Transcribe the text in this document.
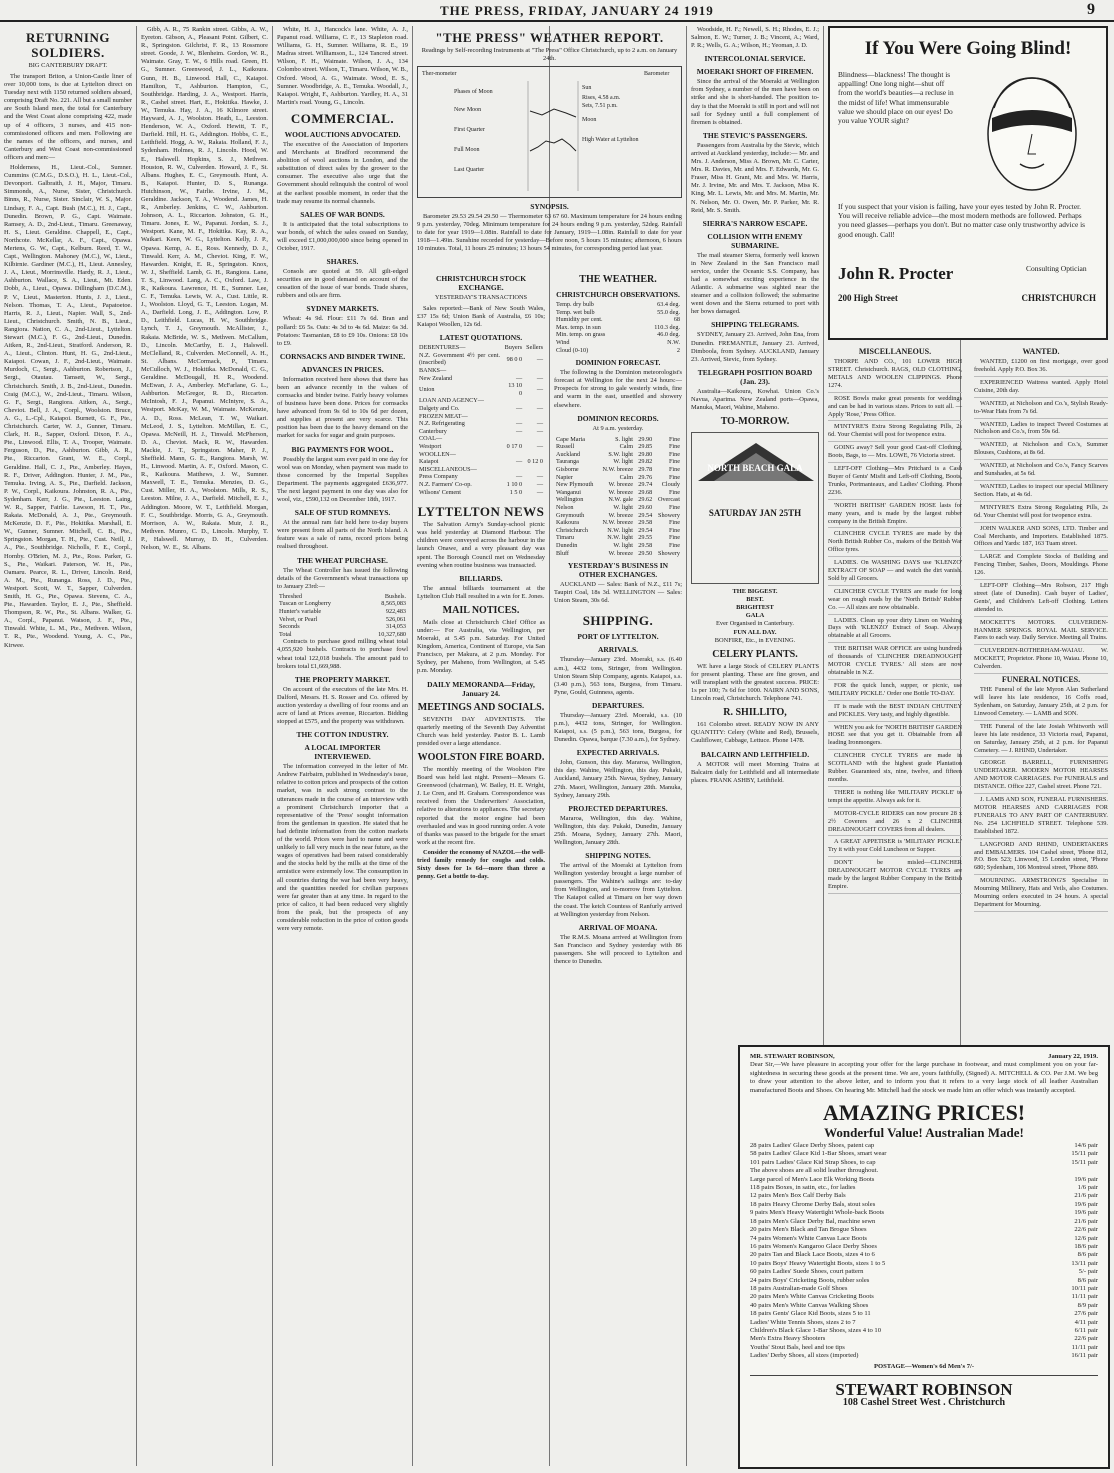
THE PRESS, FRIDAY, JANUARY 24 1919	9
RETURNING SOLDIERS.
BIG CANTERBURY DRAFT.

The transport Briton, a Union-Castle liner of over 10,000 tons, is due at Lyttelton direct on Tuesday next with 1150 returned soldiers aboard, comprising Draft No. 221. All but a small number are South Island men, the total for Canterbury and the West Coast alone comprising 422, made up of 4 officers, 3 nurses, and 415 non-commissioned officers and men. Following are the names of the officers, and nurses, and Canterbury and West Coast non-commissioned officers and men:—

Holderness, H., Lieut.-Col., Sumner. Cummins (C.M.G., D.S.O.), H. L., Lieut.-Col., Devonport. Galbraith, J. H., Major, Timaru. Simmonds, A., Nurse, Sister, Christchurch. Binns, R., Nurse, Sister. Sinclair, W. S., Major. Lindsay, F. A., Capt. Bush (M.C.), H. J., Capt., Dunedin. Brown, P. G., Capt. Waimate. Ramsey, A. D., 2nd-Lieut., Timaru. Greenaway, H. S., Lieut. Geraldine. Chappell, E., Capt., Northcote. McKellar, A. F., Capt., Opawa. Mertens, G. W., Capt., Kelburn. Reed, T. W., Capt., Wellington. Mahoney (M.C.), W., Lieut., Kilbirnie. Gardiner (M.C.), H., Lieut. Annesley, J. A., Lieut., Morrinsville. Hardy, R. J., Lieut., Ashburton. Wallace, S. A., Lieut., Mt. Eden. Dobb, A., Lieut., Opawa. Dillingham (D.C.M.), P. V., Lieut., Masterton. Hunts, J. J., Lieut., Nelson. Thomas, T. A., Lieut., Papatoetoe. Harris, R. J., Lieut., Napier. Wall, S., 2nd-Lieut., Christchurch. Smith, N. B., Lieut., Rangiora. Nation, C. A., 2nd-Lieut., Lyttelton. Stewart (M.C.), F. G., 2nd-Lieut., Dunedin. Aitken, R., 2nd-Lieut., Stratford. Anderson, R. A., Lieut., Clinton. Hunt, H. G., 2nd-Lieut., Kaiapoi. Cowan, J. F., 2nd-Lieut., Waimate. Murdoch, C., Sergt., Ashburton. Robertson, J., Sergt., Otautau. Tamsett, W., Sergt., Christchurch. Smith, J. B., 2nd-Lieut., Dunedin. Craig (M.C.), W., 2nd-Lieut., Timaru. Wilson, G. F., Sergt., Rangiora. Aitken, A., Sergt., Cheviot. Bell, J. A., Corpl., Woolston. Bruce, A. G., L.-Cpl., Kaiapoi. Burnett, G. F., Pte., Christchurch. Carter, W. J., Gunner, Timaru. Clark, H. R., Sapper, Oxford. Dixon, F. A., Pte., Linwood. Ellis, T. A., Trooper, Waimate. Ferguson, D., Pte., Ashburton. Gibb, A. R., Pte., Riccarton. Grant, W. E., Corpl., Geraldine. Hall, C. J., Pte., Amberley. Hayes, R. F., Driver, Addington. Hunter, J. M., Pte., Temuka. Irving, A. S., Pte., Darfield. Jackson, P. W., Corpl., Kaikoura. Johnston, R. A., Pte., Sydenham. Kerr, J. G., Pte., Leeston. Laing, W. R., Sapper, Fairlie. Lawson, H. T., Pte., Rakaia. McDonald, A. J., Pte., Greymouth. McKenzie, D. F., Pte., Hokitika. Marshall, E. W., Gunner, Sumner. Mitchell, C. B., Pte., Springston. Morgan, T. H., Pte., Cust. Neill, J. A., Pte., Southbridge. Nicholls, F. E., Corpl., Hornby. O'Brien, M. J., Pte., Ross. Parker, G. S., Pte., Waikari. Paterson, W. H., Pte., Oamaru. Pearce, R. L., Driver, Lincoln. Reid, A. M., Pte., Runanga. Ross, J. D., Pte., Westport. Scott, W. T., Sapper, Culverden. Smith, H. G., Pte., Opawa. Stevens, C. A., Pte., Hawarden. Taylor, E. J., Pte., Sheffield. Thompson, R. W., Pte., St. Albans. Walker, G. A., Corpl., Papanui. Watson, J. F., Pte., Tinwald. White, L. M., Pte., Methven. Wilson, T. R., Pte., Woodend. Young, A. C., Pte., Kirwee.

Gibb, A. R., 75 Rankin street. Gibbs, A. W., Eyreton. Gibson, A., Pleasant Point. Gilbert, C. R., Springston. Gilchrist, F. R., 13 Rossmore street. Goode, J. W., Blenheim. Gordon, W. R., Waimate. Gray, T. W., 6 Hills road. Green, H. G., Sumner. Greenwood, J. L., Kaikoura. Gunn, H. B., Linwood. Hall, C., Kaiapoi. Hamilton, T., Ashburton. Hampton, C., Southbridge. Harding, J. A., Westport. Harris, R., Cashel street. Hart, E., Hokitika. Hawke, J. W., Temuka. Hay, J. A., 16 Kilmore street. Hayward, A. J., Woolston. Heath, L., Leeston. Henderson, W. A., Oxford. Hewitt, T. F., Darfield. Hill, H. G., Addington. Hobbs, C. E., Leithfield. Hogg, A. W., Rakaia. Holland, F. J., Sydenham. Holmes, R. J., Lincoln. Hood, W. E., Halswell. Hopkins, S. J., Methven. Houston, R. W., Culverden. Howard, J. F., St. Albans. Hughes, E. C., Greymouth. Hunt, A. B., Kaiapoi. Hunter, D. S., Runanga. Hutchinson, W., Fairlie. Irvine, J. M., Geraldine. Jackson, T. A., Woodend. James, H. R., Amberley. Jenkins, C. W., Ashburton. Johnson, A. L., Riccarton. Johnston, G. H., Timaru. Jones, E. W., Papanui. Jordan, S. J., Westport. Kane, M. F., Hokitika. Kay, R. A., Waikari. Keen, W. G., Lyttelton. Kelly, J. P., Opawa. Kemp, A. E., Ross. Kennedy, D. J., Tinwald. Kerr, A. M., Cheviot. King, F. W., Hawarden. Knight, E. R., Springston. Knox, W. J., Sheffield. Lamb, G. H., Rangiora. Lane, T. S., Linwood. Lang, A. C., Oxford. Law, J. R., Kaikoura. Lawrence, H. E., Sumner. Lee, C. F., Temuka. Lewis, W. A., Cust. Little, R. J., Woolston. Lloyd, G. T., Leeston. Logan, M. A., Darfield. Long, J. E., Addington. Low, P. D., Leithfield. Lucas, H. W., Southbridge. Lynch, T. J., Greymouth. McAllister, J., Rakaia. McBride, W. S., Methven. McCallum, D., Lincoln. McCarthy, E. J., Halswell. McClelland, R., Culverden. McConnell, A. H., St. Albans. McCormack, P., Timaru. McCulloch, W. J., Hokitika. McDonald, C. G., Geraldine. McDougall, H. R., Woodend. McEwan, J. A., Amberley. McFarlane, G. L., Ashburton. McGregor, R. D., Riccarton. McIntosh, F. J., Papanui. McIntyre, S. A., Westport. McKay, W. M., Waimate. McKenzie, A. D., Ross. McLean, T. W., Waikari. McLeod, J. S., Lyttelton. McMillan, E. C., Opawa. McNeill, H. J., Tinwald. McPherson, D. A., Cheviot. Mack, R. W., Hawarden. Mackie, J. T., Springston. Maher, P. J., Sheffield. Mann, G. E., Rangiora. Marsh, W. H., Linwood. Martin, A. F., Oxford. Mason, C. R., Kaikoura. Matthews, J. W., Sumner. Maxwell, T. E., Temuka. Menzies, D. G., Cust. Miller, H. A., Woolston. Mills, R. S., Leeston. Milne, J. A., Darfield. Mitchell, E. J., Addington. Moore, W. T., Leithfield. Morgan, F. C., Southbridge. Morris, G. A., Greymouth. Morrison, A. W., Rakaia. Muir, J. R., Methven. Munro, C. D., Lincoln. Murphy, T. P., Halswell. Murray, D. H., Culverden. Nelson, W. E., St. Albans.

White, H. J., Hancock's lane. White, A. J., Papanui road. Williams, C. F., 13 Stapleton road. Williams, G. H., Sumner. Williams, R. E., 19 Madras street. Williamson, L., 124 Tancred street. Wilson, F. H., Waimate. Wilson, J. A., 134 Colombo street. Wilson, T., Timaru. Wilson, W. B., Oxford. Wood, A. G., Waimate. Wood, E. S., Sumner. Woodbridge, A. E., Temuka. Woodall, J., Kaiapoi. Wright, F., Ashburton. Yardley, H. A., 31 Martin's road. Young, G., Lincoln.

COMMERCIAL.
WOOL AUCTIONS ADVOCATED.

The executive of the Association of Importers and Merchants at Bradford recommend the abolition of wool auctions in London, and the substitution of direct sales by the grower to the consumer. The executive also urge that the Government should relinquish the control of wool at the earliest possible moment, in order that the trade may resume its normal channels.

SALES OF WAR BONDS.

It is anticipated that the total subscriptions to war bonds, of which the sales ceased on Sunday, will exceed £1,000,000,000 since being opened in October, 1917.

SHARES.

Consols are quoted at 59. All gilt-edged securities are in good demand on account of the cessation of the issue of war bonds. Trade shares, rubbers and oils are firm.

SYDNEY MARKETS.

Wheat: 4s 9d. Flour: £11 7s 6d. Bran and pollard: £6 5s. Oats: 4s 3d to 4s 6d. Maize: 6s 3d. Potatoes: Tasmanian, £8 to £9 10s. Onions: £8 10s to £9.

CORNSACKS AND BINDER TWINE.
ADVANCES IN PRICES.

Information received here shows that there has been an advance recently in the values of cornsacks and binder twine. Fairly heavy volumes of business have been done. Prices for cornsacks have advanced from 9s 6d to 10s 6d per dozen, and supplies at present are very scarce. This position has been due to the heavy demand on the market for sacks for sugar and grain purposes.

BIG PAYMENTS FOR WOOL.

Possibly the largest sum ever paid in one day for wool was on Monday, when payment was made to those concerned by the Imperial Supplies Department. The payments aggregated £636,977. The next largest payment in one day was also for wool, viz., £590,132 on December 18th, 1917.

SALE OF STUD ROMNEYS.

At the annual ram fair held here to-day buyers were present from all parts of the North Island. A feature was a sale of rams, record prices being realised throughout.

THE WHEAT PURCHASE.

The Wheat Controller has issued the following details of the Government's wheat transactions up to January 23rd:—

Threshed	Bushels.
Tuscan or Longberry	8,565,083
Hunter's variable	922,483
Velvet, or Pearl	526,061
Seconds	314,053
Total	10,327,680

Contracts to purchase good milling wheat total 4,055,920 bushels. Contracts to purchase fowl wheat total 122,018 bushels. The amount paid to brokers total £1,669,988.

THE PROPERTY MARKET.

On account of the executors of the late Mrs. H. Dalford, Messrs. H. S. Rosser and Co. offered by auction yesterday a dwelling of four rooms and an acre of land at Prices avenue, Riccarton. Bidding stopped at £575, and the property was withdrawn.

THE COTTON INDUSTRY.
A LOCAL IMPORTER INTERVIEWED.

The information conveyed in the letter of Mr. Andrew Fairbairn, published in Wednesday's issue, relative to cotton prices and prospects of the cotton market, was in such strong contrast to the utterances made in the course of an interview with a prominent Christchurch importer that a representative of the 'Press' sought information from the gentleman in question. He stated that he had definite information from the cotton markets of the world. Prices were hard to name and were unlikely to fall very much in the near future, as the wages of operatives had been raised considerably and the stocks held by the mills at the time of the armistice were extremely low. The consumption in all countries during the war had been very heavy, and the quantities needed for civilian purposes were far greater than at any time. In regard to the price of calico, it had been reduced very slightly from the peak, but the prospects of any considerable reduction in the price of cotton goods were very remote.

"THE PRESS" WEATHER REPORT.
Readings by Self-recording Instruments at "The Press" Office Christchurch, up to 2 a.m. on January 24th.
Ther-mometer
Phases of Moon
New Moon
First Quarter
Full Moon
Last Quarter
Barometer
Sun
Rises, 4.58 a.m.
Sets, 7.51 p.m.
Moon
High Water at Lyttelton
SYNOPSIS.

Barometer 29.53 29.54 29.50 — Thermometer 63 67 60. Maximum temperature for 24 hours ending 9 p.m. yesterday, 70deg. Minimum temperature for 24 hours ending 9 p.m. yesterday, 52deg. Rainfall to date for year 1919—1.08in. Rainfall to date for January, 1919—1.08in. Rainfall to date for year 1918—1.49in. Sunshine recorded for yesterday—Before noon, 5 hours 15 minutes; afternoon, 6 hours 10 minutes. Total, 11 hours 25 minutes; 13 hours 54 minutes, for corresponding period last year.

CHRISTCHURCH STOCK EXCHANGE.
YESTERDAY'S TRANSACTIONS

Sales reported:—Bank of New South Wales, £37 15s 6d; Union Bank of Australia, £6 10s; Kaiapoi Woollen, 12s 6d.

LATEST QUOTATIONS.
DEBENTURES—	Buyers	Sellers
N.Z. Government 4½ per cent. (inscribed)	98 0 0	—
BANKS—		
New Zealand	—	—
Union	13 10 0	—
LOAN AND AGENCY—		
Dalgety and Co.	—	—
FROZEN MEAT—		
N.Z. Refrigerating	—	—
Canterbury	—	—
COAL—		
Westport	0 17 0	—
WOOLLEN—		
Kaiapoi	—	0 12 0
MISCELLANEOUS—		
Press Company	—	—
N.Z. Farmers' Co-op.	1 10 0	—
Wilsons' Cement	1 5 0	—
LYTTELTON NEWS

The Salvation Army's Sunday-school picnic was held yesterday at Diamond Harbour. The children were conveyed across the harbour in the launch Onawe, and a very pleasant day was spent. The Borough Council met on Wednesday evening when routine business was transacted.

BILLIARDS.

The annual billiards tournament at the Lyttelton Club Hall resulted in a win for E. Jones.

MAIL NOTICES.

Mails close at Christchurch Chief Office as under:— For Australia, via Wellington, per Moeraki, at 5.45 p.m. Saturday. For United Kingdom, America, Continent of Europe, via San Francisco, per Makura, at 2 p.m. Monday. For Sydney, per Maheno, from Wellington, at 5.45 p.m. Monday.

DAILY MEMORANDA—Friday, January 24.
MEETINGS AND SOCIALS.

SEVENTH DAY ADVENTISTS. The quarterly meeting of the Seventh Day Adventist Church was held yesterday. Pastor B. L. Lamb presided over a large attendance.

WOOLSTON FIRE BOARD.

The monthly meeting of the Woolston Fire Board was held last night. Present—Messrs G. Greenwood (chairman), W. Bailey, H. E. Wright, J. Le Cren, and H. Graham. Correspondence was received from the Underwriters' Association, relative to alterations to appliances. The secretary reported that the motor engine had been overhauled and was in good running order. A vote of thanks was passed to the brigade for the smart work at the recent fire.

Consider the economy of NAZOL—the well-tried family remedy for coughs and colds. Sixty doses for 1s 6d—more than three a penny. Get a bottle to-day.

THE WEATHER.
CHRISTCHURCH OBSERVATIONS.
Temp. dry bulb	63.4 deg.
Temp. wet bulb	55.0 deg.
Humidity per cent.	68
Max. temp. in sun	110.3 deg.
Min. temp. on grass	46.0 deg.
Wind	N.W.
Cloud (0-10)	2
DOMINION FORECAST.

The following is the Dominion meteorologist's forecast at Wellington for the next 24 hours:— Prospects for strong to gale westerly winds, fine and warm in the east, unsettled and showery elsewhere.

DOMINION RECORDS.
At 9 a.m. yesterday.
Cape Maria	S. light	29.90	Fine
Russell	Calm	29.85	Fine
Auckland	S.W. light	29.80	Fine
Tauranga	W. light	29.82	Fine
Gisborne	N.W. breeze	29.78	Fine
Napier	Calm	29.76	Fine
New Plymouth	W. breeze	29.74	Cloudy
Wanganui	W. breeze	29.68	Fine
Wellington	N.W. gale	29.62	Overcast
Nelson	W. light	29.60	Fine
Greymouth	W. breeze	29.54	Showery
Kaikoura	N.W. breeze	29.58	Fine
Christchurch	N.W. light	29.54	Fine
Timaru	N.W. light	29.55	Fine
Dunedin	W. light	29.58	Fine
Bluff	W. breeze	29.50	Showery
YESTERDAY'S BUSINESS IN OTHER EXCHANGES.

AUCKLAND — Sales: Bank of N.Z., £11 7s; Taupiri Coal, 18s 3d. WELLINGTON — Sales: Union Steam, 30s 6d.

SHIPPING.
PORT OF LYTTELTON.
ARRIVALS.

Thursday—January 23rd. Moeraki, s.s. (6.40 a.m.), 4432 tons, Stringer, from Wellington. Union Steam Ship Company, agents. Kaiapoi, s.s. (3.40 p.m.), 563 tons, Burgess, from Timaru. Pyne, Gould, Guinness, agents.

DEPARTURES.

Thursday—January 23rd. Moeraki, s.s. (10 p.m.), 4432 tons, Stringer, for Wellington. Kaiapoi, s.s. (5 p.m.), 563 tons, Burgess, for Dunedin. Opawa, barque (7.30 a.m.), for Sydney.

EXPECTED ARRIVALS.

John, Gunson, this day. Mararoa, Wellington, this day. Wahine, Wellington, this day. Pukaki, Auckland, January 25th. Navua, Sydney, January 27th. Maori, Wellington, January 28th. Manuka, Sydney, January 29th.

PROJECTED DEPARTURES.

Mararoa, Wellington, this day. Wahine, Wellington, this day. Pukaki, Dunedin, January 25th. Moana, Sydney, January 27th. Maori, Wellington, January 28th.

SHIPPING NOTES.

The arrival of the Moeraki at Lyttelton from Wellington yesterday brought a large number of passengers. The Wahine's sailings are: to-day from Wellington, and to-morrow from Lyttelton. The Kaiapoi called at Timaru on her way down the coast. The ketch Countess of Ranfurly arrived at Wellington yesterday from Nelson.

ARRIVAL OF MOANA.

The R.M.S. Moana arrived at Wellington from San Francisco and Sydney yesterday with 86 passengers. She will proceed to Lyttelton and thence to Dunedin.

Woodside, H. F.; Newell, S. H.; Rhodes, E. J.; Salmon, E. W.; Turner, J. B.; Vincent, A.; Ward, P. R.; Wells, G. A.; Wilson, H.; Yeoman, J. D.

INTERCOLONIAL SERVICE.
MOERAKI SHORT OF FIREMEN.

Since the arrival of the Moeraki at Wellington from Sydney, a number of the men have been on strike and she is short-handed. The position to-day is that the Moeraki is still in port and will not sail for Sydney until a full complement of firemen is obtained.

THE STEVIC'S PASSENGERS.

Passengers from Australia by the Stevic, which arrived at Auckland yesterday, include:— Mr. and Mrs. J. Anderson, Miss A. Brown, Mr. C. Carter, Mrs. R. Davies, Mr. and Mrs. F. Edwards, Mr. G. Fraser, Miss H. Grant, Mr. and Mrs. W. Harris, Mr. J. Irvine, Mr. and Mrs. T. Jackson, Miss K. King, Mr. L. Lewis, Mr. and Mrs. M. Martin, Mr. N. Nelson, Mr. O. Owen, Mr. P. Parker, Mr. R. Reid, Mr. S. Smith.

SIERRA'S NARROW ESCAPE.
COLLISION WITH ENEMY SUBMARINE.

The mail steamer Sierra, formerly well known in New Zealand in the San Francisco mail service, under the Oceanic S.S. Company, has had a somewhat exciting experience in the Atlantic. A submarine was sighted near the steamer and a collision followed; the submarine went down and the Sierra returned to port with her bows damaged.

SHIPPING TELEGRAMS.

SYDNEY, January 23. Arrived, John Ena, from Dunedin. FREMANTLE, January 23. Arrived, Dimboola, from Sydney. AUCKLAND, January 23. Arrived, Stevic, from Sydney.

TELEGRAPH POSITION BOARD (Jan. 23).

Australia—Kaikoura, Kowhai. Union Co.'s Navua, Aparima. New Zealand ports—Opawa, Manuka, Maori, Wahine, Maheno.

TO-MORROW.
NORTH BEACH GALA
SATURDAY JAN 25TH
THE BIGGEST.
BEST.
BRIGHTEST
GALA
Ever Organised in Canterbury.
FUN ALL DAY.
BONFIRE, Etc., in EVENING.
CELERY PLANTS.

WE have a large Stock of CELERY PLANTS for present planting. These are fine grown, and will transplant with the greatest success. PRICE: 1s per 100; 7s 6d for 1000. NAIRN AND SONS, Lincoln road, Christchurch. Telephone 741.

R. SHILLITO,

161 Colombo street. READY NOW IN ANY QUANTITY: Celery (White and Red), Brussels, Cauliflower, Cabbage, Lettuce. Phone 1478.

BALCAIRN AND LEITHFIELD.

A MOTOR will meet Morning Trains at Balcairn daily for Leithfield and all intermediate places. FRANK ASHBY, Leithfield.

If You Were Going Blind!
Blindness—blackness! The thought is appalling! One long night—shut off from the world's beauties—a recluse in the midst of life! What immensurable value we should place on our eyes! Do you value YOUR sight?
If you suspect that your vision is failing, have your eyes tested by John R. Procter. You will receive reliable advice—the most modern methods are followed. Perhaps you need glasses—perhaps you don't. But no matter case only trustworthy advice is good enough. Call!
John R. Procter	Consulting Optician
200 High Street	CHRISTCHURCH
MISCELLANEOUS.

THORPE AND CO., 101 LOWER HIGH STREET. Christchurch. RAGS, OLD CLOTHING, METALS AND WOOLEN CLIPPINGS. Phone 1274.

ROSE Bowls make great presents for weddings and can be had in various sizes. Prices to suit all. — Apply 'Rose,' Press Office.

M'INTYRE'S Extra Strong Regulating Pills, 2s 6d. Your Chemist will post for twopence extra.

GOING away? Sell your good Cast-off Clothing, Boots, Bags, to — Mrs. LOWE, 76 Victoria street.

LEFT-OFF Clothing—Mrs Pritchard is a Cash Buyer of Gents' Misfit and Left-off Clothing, Boots, Trunks, Portmanteaux, and Ladies' Clothing. Phone 2236.

'NORTH BRITISH' GARDEN HOSE lasts for many years, and is made by the largest rubber company in the British Empire.

CLINCHER CYCLE TYRES are made by the North British Rubber Co., makers of the British War Office tyres.

LADIES. On WASHING DAYS use 'KLENZO' EXTRACT OF SOAP — and watch the dirt vanish. Sold by all Grocers.

CLINCHER CYCLE TYRES are made for long wear on rough roads by the 'North British' Rubber Co. — All sizes are now obtainable.

LADIES. Clean up your dirty Linen on Washing Days with 'KLENZO' Extract of Soap. Always obtainable at all Grocers.

THE BRITISH WAR OFFICE are using hundreds of thousands of 'CLINCHER DREADNOUGHT MOTOR CYCLE TYRES.' All sizes are now obtainable in N.Z.

FOR the quick lunch, supper, or picnic, use 'MILITARY PICKLE.' Order one Bottle TO-DAY.

IT is made with the BEST INDIAN CHUTNEY and PICKLES. Very tasty, and highly digestible.

WHEN you ask for 'NORTH BRITISH' GARDEN HOSE see that you get it. Obtainable from all leading Ironmongers.

CLINCHER CYCLE TYRES are made in SCOTLAND with the highest grade Plantation Rubber. Guaranteed six, nine, twelve, and fifteen months.

THERE is nothing like 'MILITARY PICKLE' to tempt the appetite. Always ask for it.

MOTOR-CYCLE RIDERS can now procure 28 x 2½ Coverers and 26 x 2 CLINCHER DREADNOUGHT COVERS from all dealers.

A GREAT APPETISER is 'MILITARY PICKLE.' Try it with your Cold Luncheon or Supper.

DON'T be misled—CLINCHER DREADNOUGHT MOTOR CYCLE TYRES are made by the largest Rubber Company in the British Empire.

WANTED.

WANTED, £1200 on first mortgage, over good freehold. Apply P.O. Box 36.

EXPERIENCED Waitress wanted. Apply Hotel Cuisine, 20th day.

WANTED, at Nicholson and Co.'s, Stylish Ready-to-Wear Hats from 7s 6d.

WANTED, Ladies to inspect Tweed Costumes at Nicholson and Co.'s, from 59s 6d.

WANTED, at Nicholson and Co.'s, Summer Blouses, Cushions, at 8s 6d.

WANTED, at Nicholson and Co.'s, Fancy Scarves and Sunshades, at 5s 6d.

WANTED, Ladies to inspect our special Millinery Section. Hats, at 4s 6d.

M'INTYRE'S Extra Strong Regulating Pills, 2s 6d. Your Chemist will post for twopence extra.

JOHN WALKER AND SONS, LTD. Timber and Coal Merchants, and Importers. Established 1875. Offices and Yards: 187, 163 Tuam street.

LARGE and Complete Stocks of Building and Fencing Timber, Sashes, Doors, Mouldings. Phone 126.

LEFT-OFF Clothing—Mrs Robson, 217 High street (late of Dunedin). Cash buyer of Ladies', Gents', and Children's Left-off Clothing. Letters attended to.

MOCKETT'S MOTORS. CULVERDEN-HANMER SPRINGS. ROYAL MAIL SERVICE. Fares to each way. Daily Service. Meeting all Trains.

CULVERDEN-ROTHERHAM-WAIAU. W. MOCKETT, Proprietor. Phone 10, Waiau. Phone 10, Culverden.

FUNERAL NOTICES.

THE Funeral of the late Myron Alan Sutherland will leave his late residence, 16 Coffs road, Sydenham, on Saturday, January 25th, at 2 p.m. for Linwood Cemetery. — LAMB and SON.

THE Funeral of the late Josiah Whitworth will leave his late residence, 33 Victoria road, Papanui, on Saturday, January 25th, at 2 p.m. for Papanui Cemetery. — J. RHIND, Undertaker.

GEORGE BARRELL, FURNISHING UNDERTAKER. MODERN MOTOR HEARSES AND MOTOR CARRIAGES. For FUNERALS and DISTANCE. Office 227, Cashel street. Phone 721.

J. LAMB AND SON, FUNERAL FURNISHERS. MOTOR HEARSES AND CARRIAGES FOR FUNERALS TO ANY PART OF CANTERBURY. No. 254 LICHFIELD STREET. Telephone 539. Established 1872.

LANGFORD AND RHIND, UNDERTAKERS and EMBALMERS. 104 Cashel street, 'Phone 812, P.O. Box 523; Linwood, 15 London street, 'Phone 680; Sydenham, 106 Montreal street, 'Phone 889.

MOURNING. ARMSTRONG'S Specialise in Mourning Millinery, Hats and Veils, also Costumes. Mourning orders executed in 24 hours. A special Department for Mourning.

MR. STEWART ROBINSON,	January 22, 1919.
Dear Sir,—We have pleasure in accepting your offer for the large purchase in footwear, and must compliment you on your far-sightedness in securing these goods at the present time. We are, yours faithfully, (Signed) A. MITCHELL & CO. Per J.M. We beg to draw your attention to the above letter, and to inform you that it refers to a very large stock of all leather Australian manufactured Boots and Shoes. On hearing Mr. Mitchell had the stock we made him an offer which was instantly accepted.
AMAZING PRICES!
Wonderful Value! Australian Made!
28 pairs Ladies' Glace Derby Shoes, patent cap	14/6 pair
58 pairs Ladies' Glace Kid 1-Bar Shoes, smart wear	15/11 pair
101 pairs Ladies' Glace Kid Strap Shoes, to cap	15/11 pair
The above shoes are all solid leather throughout.
Large parcel of Men's Lace Elk Working Boots	19/6 pair
118 pairs Boxes, in satin, etc., for ladies	1/6 pair
12 pairs Men's Box Calf Derby Bals	21/6 pair
18 pairs Heavy Chrome Derby Bals, stout soles	19/6 pair
9 pairs Men's Heavy Watertight Whole-back Boots	19/6 pair
18 pairs Men's Glace Derby Bal, machine sewn	21/6 pair
20 pairs Men's Black and Tan Brogue Shoes	22/6 pair
74 pairs Women's White Canvas Lace Boots	12/6 pair
16 pairs Women's Kangaroo Glace Derby Shoes	18/6 pair
20 pairs Tan and Black Lace Boots, sizes 4 to 6	8/6 pair
10 pairs Boys' Heavy Watertight Boots, sizes 1 to 5	13/11 pair
60 pairs Ladies' Suede Shoes, court pattern	5/- pair
24 pairs Boys' Cricketing Boots, rubber soles	8/6 pair
18 pairs Australian-made Golf Shoes	10/11 pair
20 pairs Men's White Canvas Cricketing Boots	11/11 pair
40 pairs Men's White Canvas Walking Shoes	8/9 pair
18 pairs Gents' Glace Kid Boots, sizes 5 to 11	27/6 pair
Ladies' White Tennis Shoes, sizes 2 to 7	4/11 pair
Children's Black Glace 1-Bar Shoes, sizes 4 to 10	6/11 pair
Men's Extra Heavy Shooters	22/6 pair
Youths' Stout Bals, heel and toe tips	11/11 pair
Ladies' Derby Shoes, all sizes (imported)	16/11 pair
POSTAGE—Women's 6d Men's 7/-
STEWART ROBINSON
108 Cashel Street West . Christchurch
